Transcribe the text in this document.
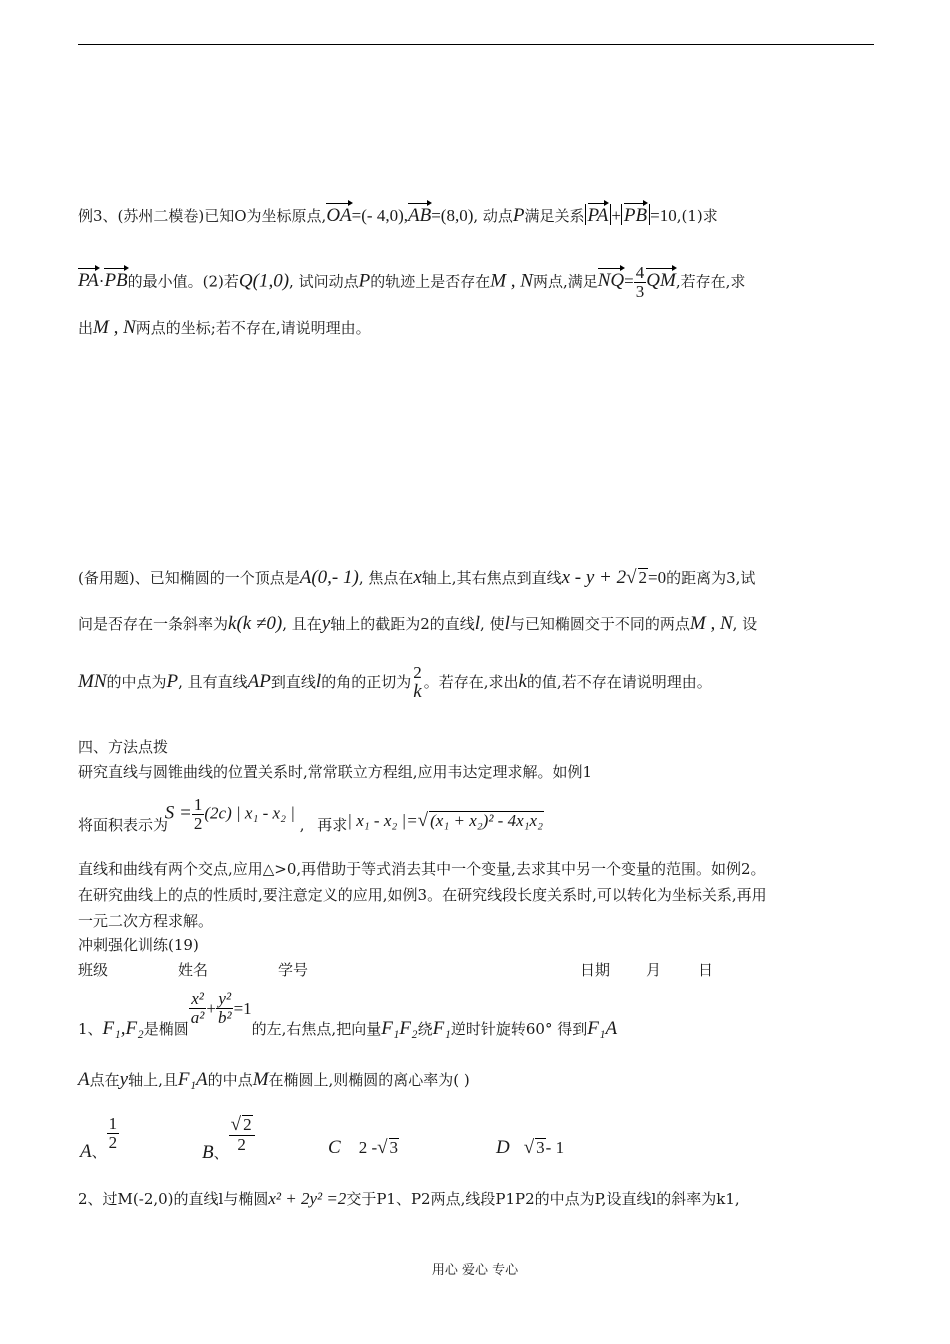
例3、(苏州二模卷)已知O为坐标原点,OA=(- 4,0),AB=(8,0), 动点P满足关系 PA + PB =10,(1)求
PA·PB的最小值。(2)若Q(1,0), 试问动点P的轨迹上是否存在M , N两点,满足$NQ= \frac{4}{3}$ QM,若存在,求
出M , N两点的坐标;若不存在,请说明理由。
(备用题)、已知椭圆的一个顶点是A(0,- 1), 焦点在x轴上,其右焦点到直线x - y + 2√ 2=0的距离为3,试
问是否存在一条斜率为k(k ≠0), 且在y轴上的截距为2的直线l, 使l与已知椭圆交于不同的两点M , N, 设
MN的中点为P, 且有直线AP到直线l的角的正切为 2
k 。若存在,求出k的值,若不存在请说明理由。
四、方法点拨
研究直线与圆锥曲线的位置关系时,常常联立方程组,应用韦达定理求解。如例1
将面积表示为 $S = \frac{1}{2} (2c)$ | x₁ - x₂ | , 再求| x₁ - x₂ |=√ (x₁ + x₂)² - 4x₁x₂
直线和曲线有两个交点,应用△>0,再借助于等式消去其中一个变量,去求其中另一个变量的范围。如例2。
在研究曲线上的点的性质时,要注意定义的应用,如例3。在研究线段长度关系时,可以转化为坐标关系,再用
一元二次方程求解。
冲刺强化训练(19)
班级	姓名	学号	日期 月 日
1、F₁,F₂是椭圆
$\frac{\text{x²}}{\text{a²}} + \frac{\text{y²}}{\text{b²}} =1$的左,右焦点,把向量F₁F₂绕F₁逆时针旋转60° 得到F₁A
A点在y轴上,且F₁A的中点M在椭圆上,则椭圆的离心率为( )
A、
$\frac{1}{2}$
B、 $\frac{√ 2}{2}$	C 2 -√ 3	D √ 3- 1
2、过M(-2,0)的直线l与椭圆x² + 2y² =2交于P1、P2两点,线段P1P2的中点为P,设直线l的斜率为k1,
用心 爱心 专心
